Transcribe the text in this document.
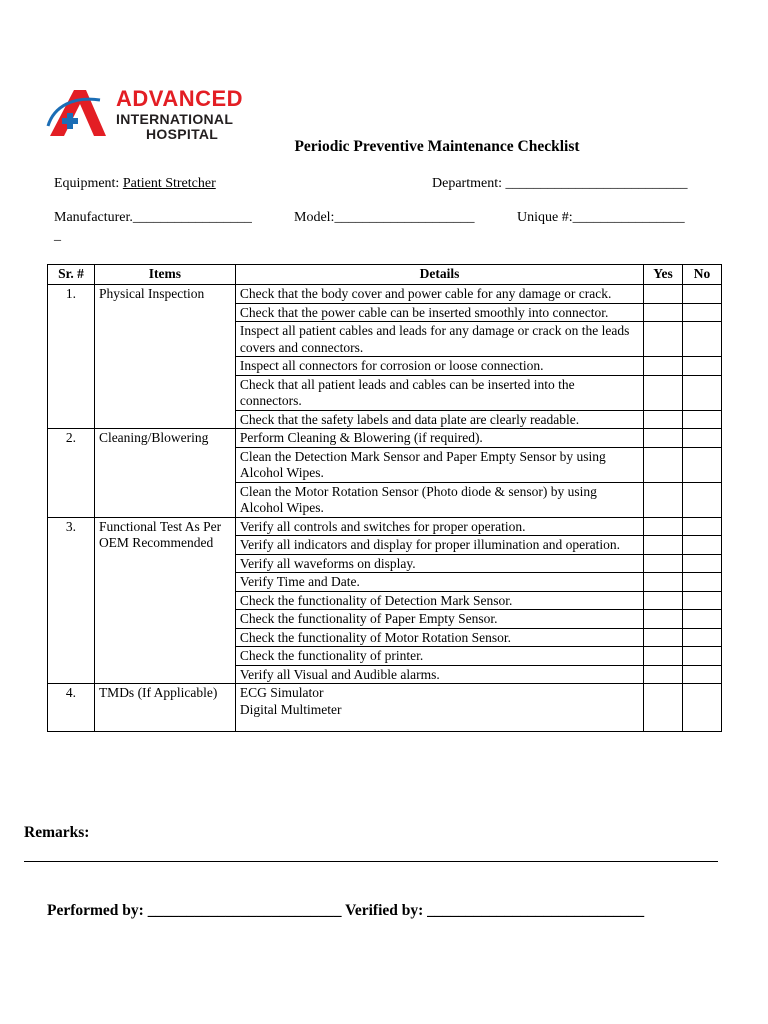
ADVANCED
INTERNATIONAL
HOSPITAL
Periodic Preventive Maintenance Checklist
Equipment: Patient Stretcher	Department: __________________________
Manufacturer._________________	Model:____________________	Unique #:________________
_
Sr. #	Items	Details	Yes	No
1.	Physical Inspection	Check that the body cover and power cable for any damage or crack.		
		Check that the power cable can be inserted smoothly into connector.		
		Inspect all patient cables and leads for any damage or crack on the leads covers and connectors.		
		Inspect all connectors for corrosion or loose connection.		
		Check that all patient leads and cables can be inserted into the connectors.		
		Check that the safety labels and data plate are clearly readable.		
2.	Cleaning/Blowering	Perform Cleaning & Blowering (if required).		
		Clean the Detection Mark Sensor and Paper Empty Sensor by using Alcohol Wipes.		
		Clean the Motor Rotation Sensor (Photo diode & sensor) by using Alcohol Wipes.		
3.	Functional Test As Per OEM Recommended	Verify all controls and switches for proper operation.		
		Verify all indicators and display for proper illumination and operation.		
		Verify all waveforms on display.		
		Verify Time and Date.		
		Check the functionality of Detection Mark Sensor.		
		Check the functionality of Paper Empty Sensor.		
		Check the functionality of Motor Rotation Sensor.		
		Check the functionality of printer.		
		Verify all Visual and Audible alarms.		
4.	TMDs (If Applicable)	ECG Simulator
Digital Multimeter		

Remarks:
Performed by: _________________________ Verified by: ____________________________
